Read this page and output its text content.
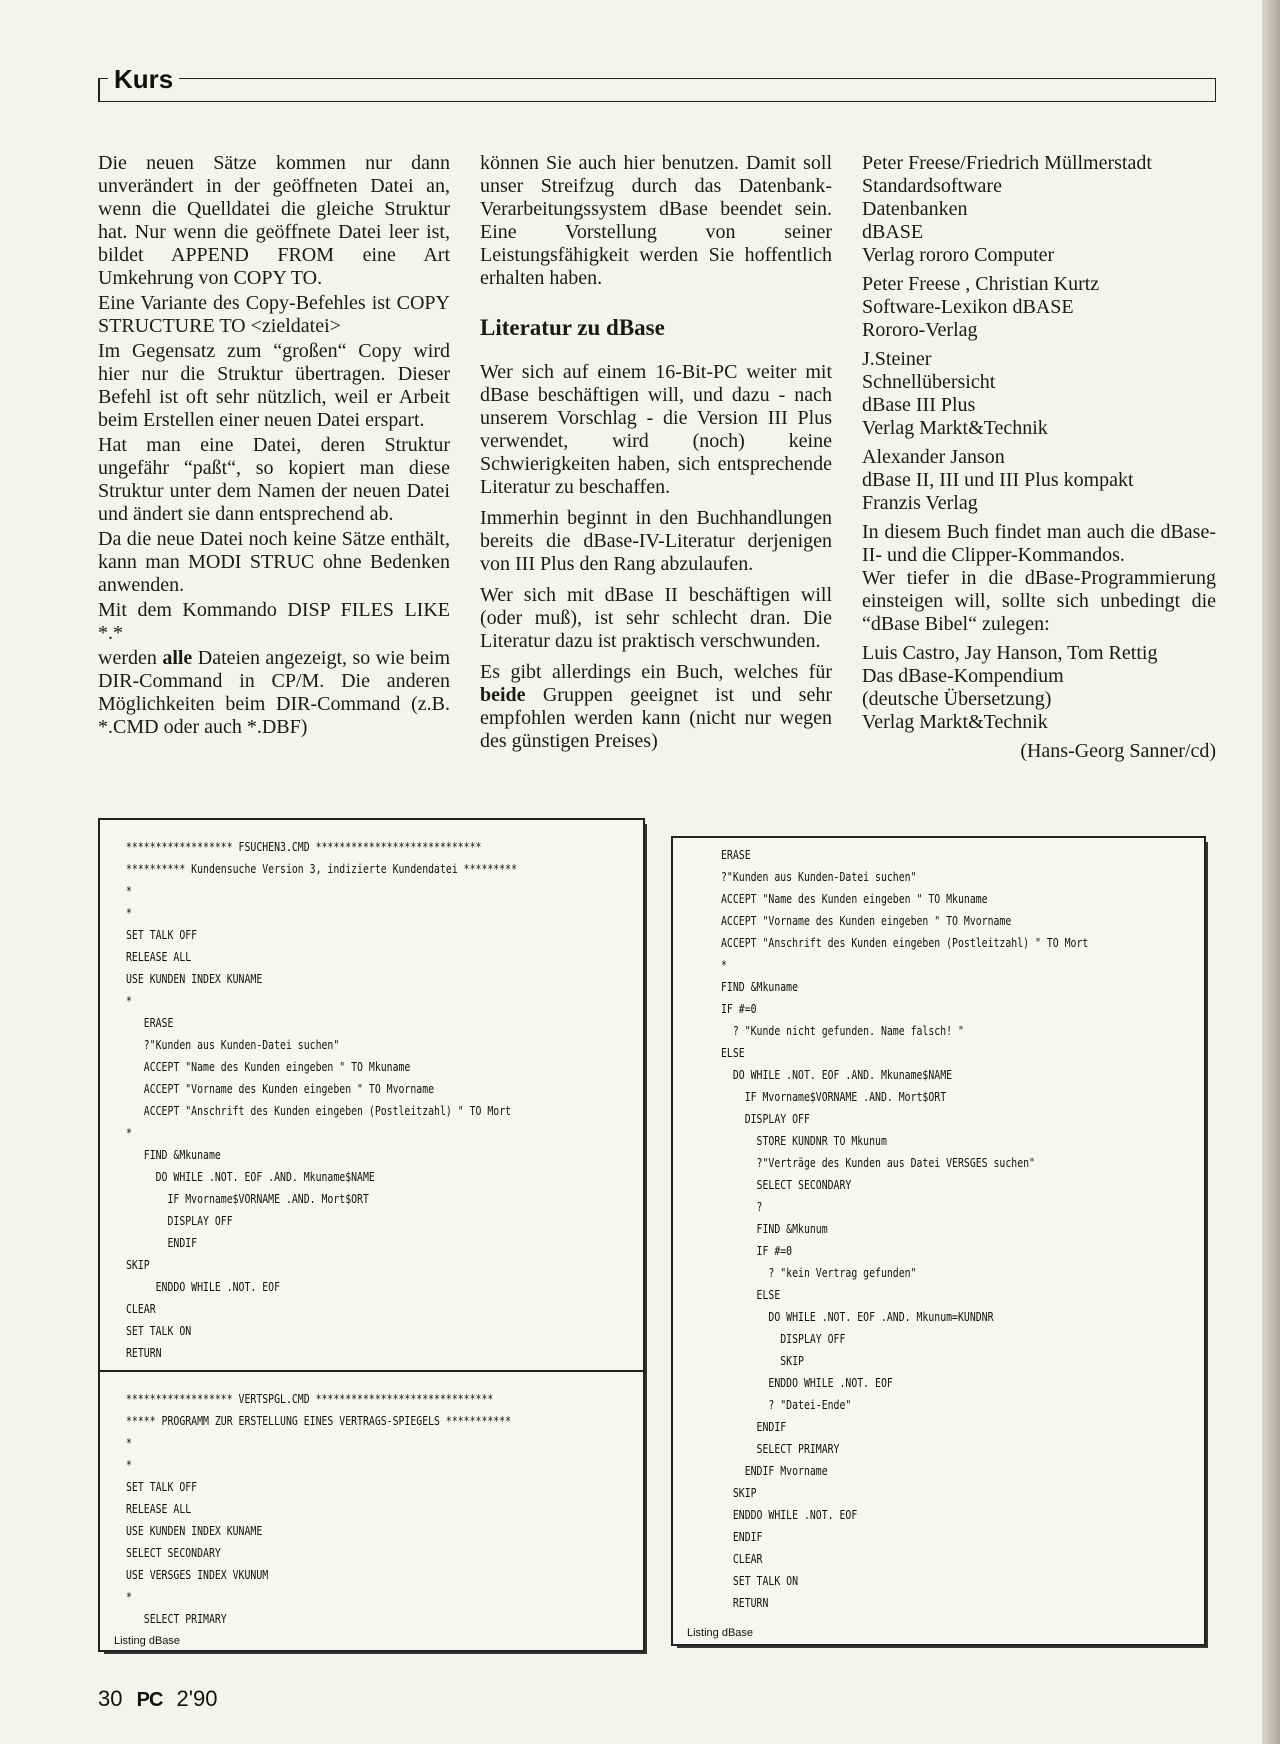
Kurs

Die neuen Sätze kommen nur dann unverändert in der geöffneten Datei an, wenn die Quelldatei die gleiche Struktur hat. Nur wenn die geöffnete Datei leer ist, bildet APPEND FROM eine Art Umkehrung von COPY TO.

Eine Variante des Copy-Befehles ist COPY STRUCTURE TO <zieldatei>

Im Gegensatz zum “großen“ Copy wird hier nur die Struktur übertragen. Dieser Befehl ist oft sehr nützlich, weil er Arbeit beim Erstellen einer neuen Datei erspart.

Hat man eine Datei, deren Struktur ungefähr “paßt“, so kopiert man diese Struktur unter dem Namen der neuen Datei und ändert sie dann entsprechend ab.

Da die neue Datei noch keine Sätze enthält, kann man MODI STRUC ohne Bedenken anwenden.

Mit dem Kommando DISP FILES LIKE *.*

werden alle Dateien angezeigt, so wie beim DIR-Command in CP/M. Die anderen Möglichkeiten beim DIR-Command (z.B. *.CMD oder auch *.DBF)

können Sie auch hier benutzen. Damit soll unser Streifzug durch das Datenbank-Verarbeitungssystem dBase beendet sein. Eine Vorstellung von seiner Leistungsfähigkeit werden Sie hoffentlich erhalten haben.

Literatur zu dBase

Wer sich auf einem 16-Bit-PC weiter mit dBase beschäftigen will, und dazu - nach unserem Vorschlag - die Version III Plus verwendet, wird (noch) keine Schwierigkeiten haben, sich entsprechende Literatur zu beschaffen.

Immerhin beginnt in den Buchhandlungen bereits die dBase-IV-Literatur derjenigen von III Plus den Rang abzulaufen.

Wer sich mit dBase II beschäftigen will (oder muß), ist sehr schlecht dran. Die Literatur dazu ist praktisch verschwunden.

Es gibt allerdings ein Buch, welches für beide Gruppen geeignet ist und sehr empfohlen werden kann (nicht nur wegen des günstigen Preises)

Peter Freese/Friedrich Müllmerstadt
Standardsoftware
Datenbanken
dBASE
Verlag rororo Computer
Peter Freese , Christian Kurtz
Software-Lexikon dBASE
Rororo-Verlag
J.Steiner
Schnellübersicht
dBase III Plus
Verlag Markt&Technik
Alexander Janson
dBase II, III und III Plus kompakt
Franzis Verlag

In diesem Buch findet man auch die dBase-II- und die Clipper-Kommandos.

Wer tiefer in die dBase-Programmierung einsteigen will, sollte sich unbedingt die “dBase Bibel“ zulegen:

Luis Castro, Jay Hanson, Tom Rettig
Das dBase-Kompendium
(deutsche Übersetzung)
Verlag Markt&Technik

(Hans-Georg Sanner/cd)

****************** FSUCHEN3.CMD ****************************
********** Kundensuche Version 3, indizierte Kundendatei *********
*
*
SET TALK OFF
RELEASE ALL
USE KUNDEN INDEX KUNAME
*
ERASE
?"Kunden aus Kunden-Datei suchen"
ACCEPT "Name des Kunden eingeben " TO Mkuname
ACCEPT "Vorname des Kunden eingeben " TO Mvorname
ACCEPT "Anschrift des Kunden eingeben (Postleitzahl) " TO Mort
*
FIND &Mkuname
DO WHILE .NOT. EOF .AND. Mkuname$NAME
IF Mvorname$VORNAME .AND. Mort$ORT
DISPLAY OFF
ENDIF
SKIP
ENDDO WHILE .NOT. EOF
CLEAR
SET TALK ON
RETURN
****************** VERTSPGL.CMD ******************************
***** PROGRAMM ZUR ERSTELLUNG EINES VERTRAGS-SPIEGELS ***********
*
*
SET TALK OFF
RELEASE ALL
USE KUNDEN INDEX KUNAME
SELECT SECONDARY
USE VERSGES INDEX VKUNUM
*
SELECT PRIMARY
Listing dBase
ERASE
?"Kunden aus Kunden-Datei suchen"
ACCEPT "Name des Kunden eingeben " TO Mkuname
ACCEPT "Vorname des Kunden eingeben " TO Mvorname
ACCEPT "Anschrift des Kunden eingeben (Postleitzahl) " TO Mort
*
FIND &Mkuname
IF #=0
? "Kunde nicht gefunden. Name falsch! "
ELSE
DO WHILE .NOT. EOF .AND. Mkuname$NAME
IF Mvorname$VORNAME .AND. Mort$ORT
DISPLAY OFF
STORE KUNDNR TO Mkunum
?"Verträge des Kunden aus Datei VERSGES suchen"
SELECT SECONDARY
?
FIND &Mkunum
IF #=0
? "kein Vertrag gefunden"
ELSE
DO WHILE .NOT. EOF .AND. Mkunum=KUNDNR
DISPLAY OFF
SKIP
ENDDO WHILE .NOT. EOF
? "Datei-Ende"
ENDIF
SELECT PRIMARY
ENDIF Mvorname
SKIP
ENDDO WHILE .NOT. EOF
ENDIF
CLEAR
SET TALK ON
RETURN
Listing dBase
30 PC 2'90
